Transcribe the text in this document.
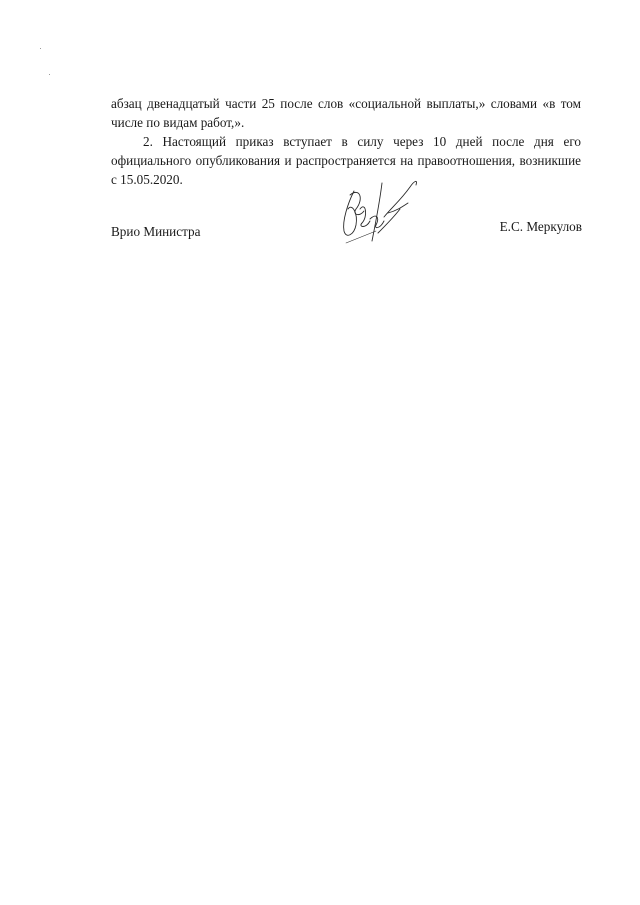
абзац двенадцатый части 25 после слов «социальной выплаты,» словами «в том числе по видам работ,».

2. Настоящий приказ вступает в силу через 10 дней после дня его официального опубликования и распространяется на правоотношения, возникшие с 15.05.2020.

Врио Министра	Е.С. Меркулов
